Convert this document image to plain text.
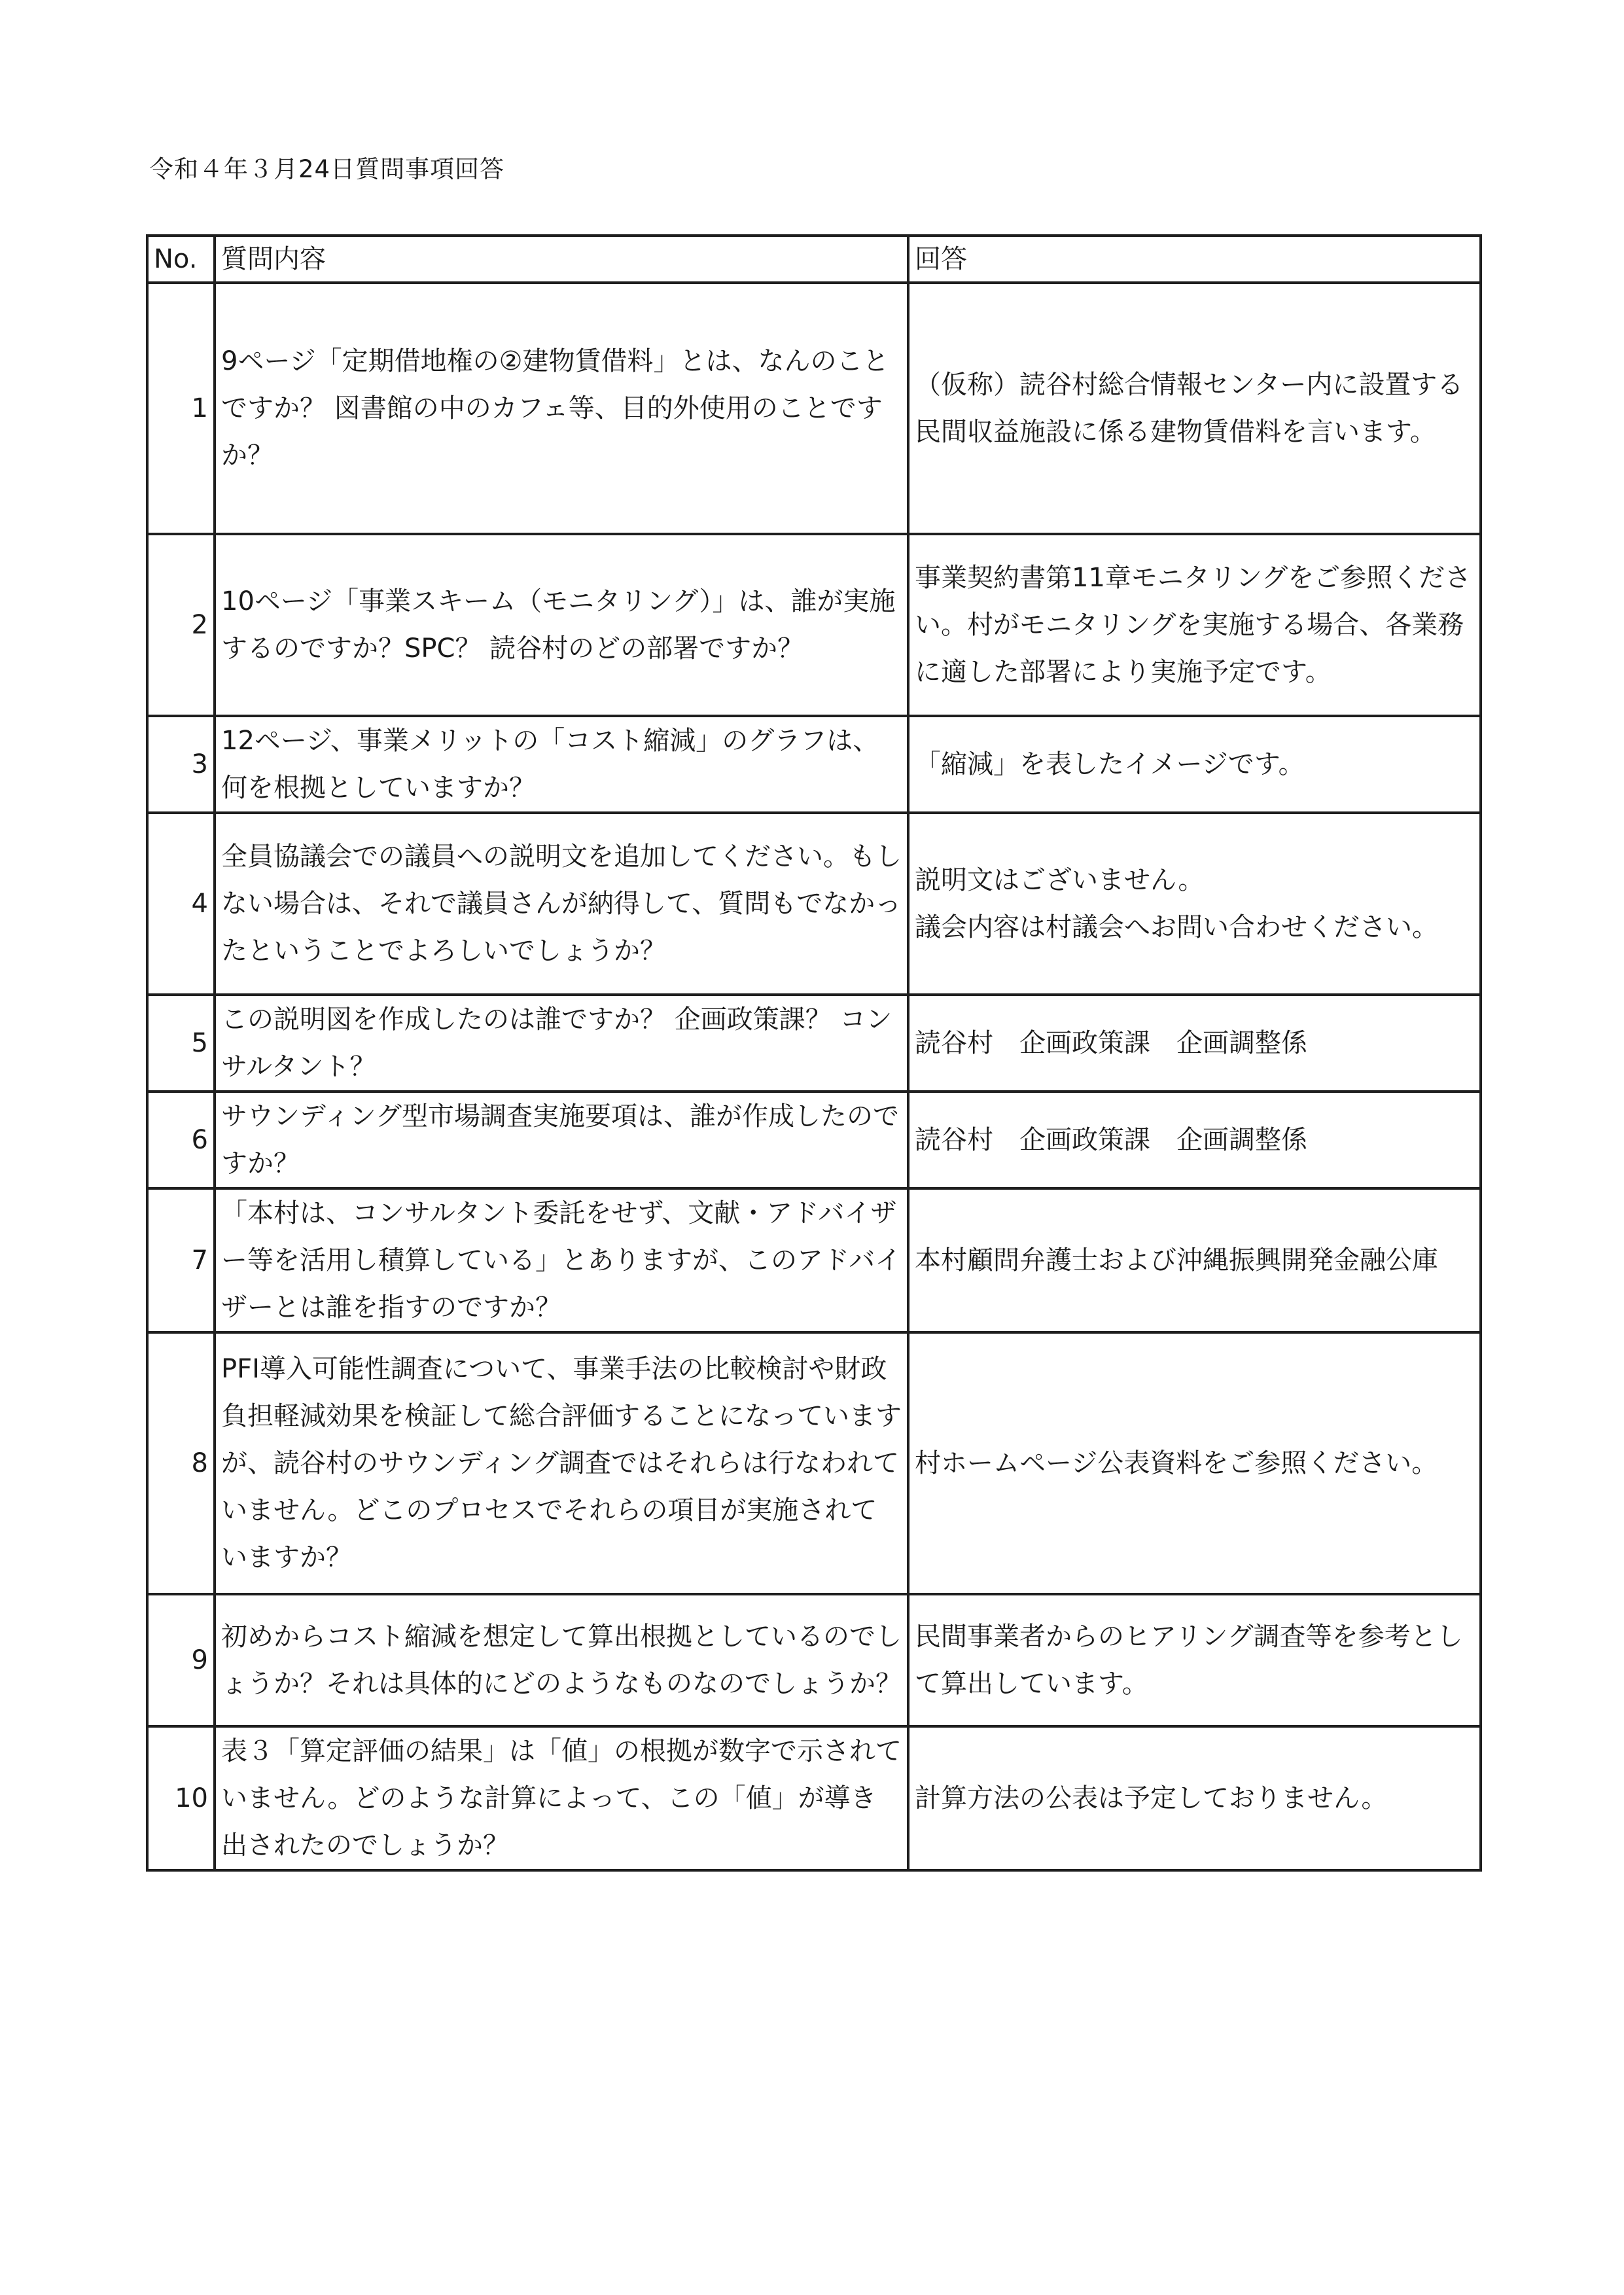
令和４年３月24日質問事項回答
No.	質問内容	回答
1	9ページ「定期借地権の②建物賃借料」とは、なんのことですか？ 図書館の中のカフェ等、目的外使用のことですか？	（仮称）読谷村総合情報センター内に設置する民間収益施設に係る建物賃借料を言います。

2	10ページ「事業スキーム（モニタリング）」は、誰が実施するのですか？SPC？ 読谷村のどの部署ですか？	事業契約書第11章モニタリングをご参照ください。村がモニタリングを実施する場合、各業務に適した部署により実施予定です。

3	12ページ、事業メリットの「コスト縮減」のグラフは、何を根拠としていますか？	「縮減」を表したイメージです。

4	全員協議会での議員への説明文を追加してください。もしない場合は、それで議員さんが納得して、質問もでなかったということでよろしいでしょうか？	説明文はございません。
議会内容は村議会へお問い合わせください。

5	この説明図を作成したのは誰ですか？ 企画政策課？ コンサルタント？	読谷村　企画政策課　企画調整係

6	サウンディング型市場調査実施要項は、誰が作成したのですか？	読谷村　企画政策課　企画調整係

7	「本村は、コンサルタント委託をせず、文献・アドバイザー等を活用し積算している」とありますが、このアドバイザーとは誰を指すのですか？	本村顧問弁護士および沖縄振興開発金融公庫

8	PFI導入可能性調査について、事業手法の比較検討や財政負担軽減効果を検証して総合評価することになっていますが、読谷村のサウンディング調査ではそれらは行なわれていません。どこのプロセスでそれらの項目が実施されていますか？	村ホームページ公表資料をご参照ください。

9	初めからコスト縮減を想定して算出根拠としているのでしょうか？それは具体的にどのようなものなのでしょうか？	民間事業者からのヒアリング調査等を参考として算出しています。

10	表３「算定評価の結果」は「値」の根拠が数字で示されていません。どのような計算によって、この「値」が導き出されたのでしょうか？	計算方法の公表は予定しておりません。
